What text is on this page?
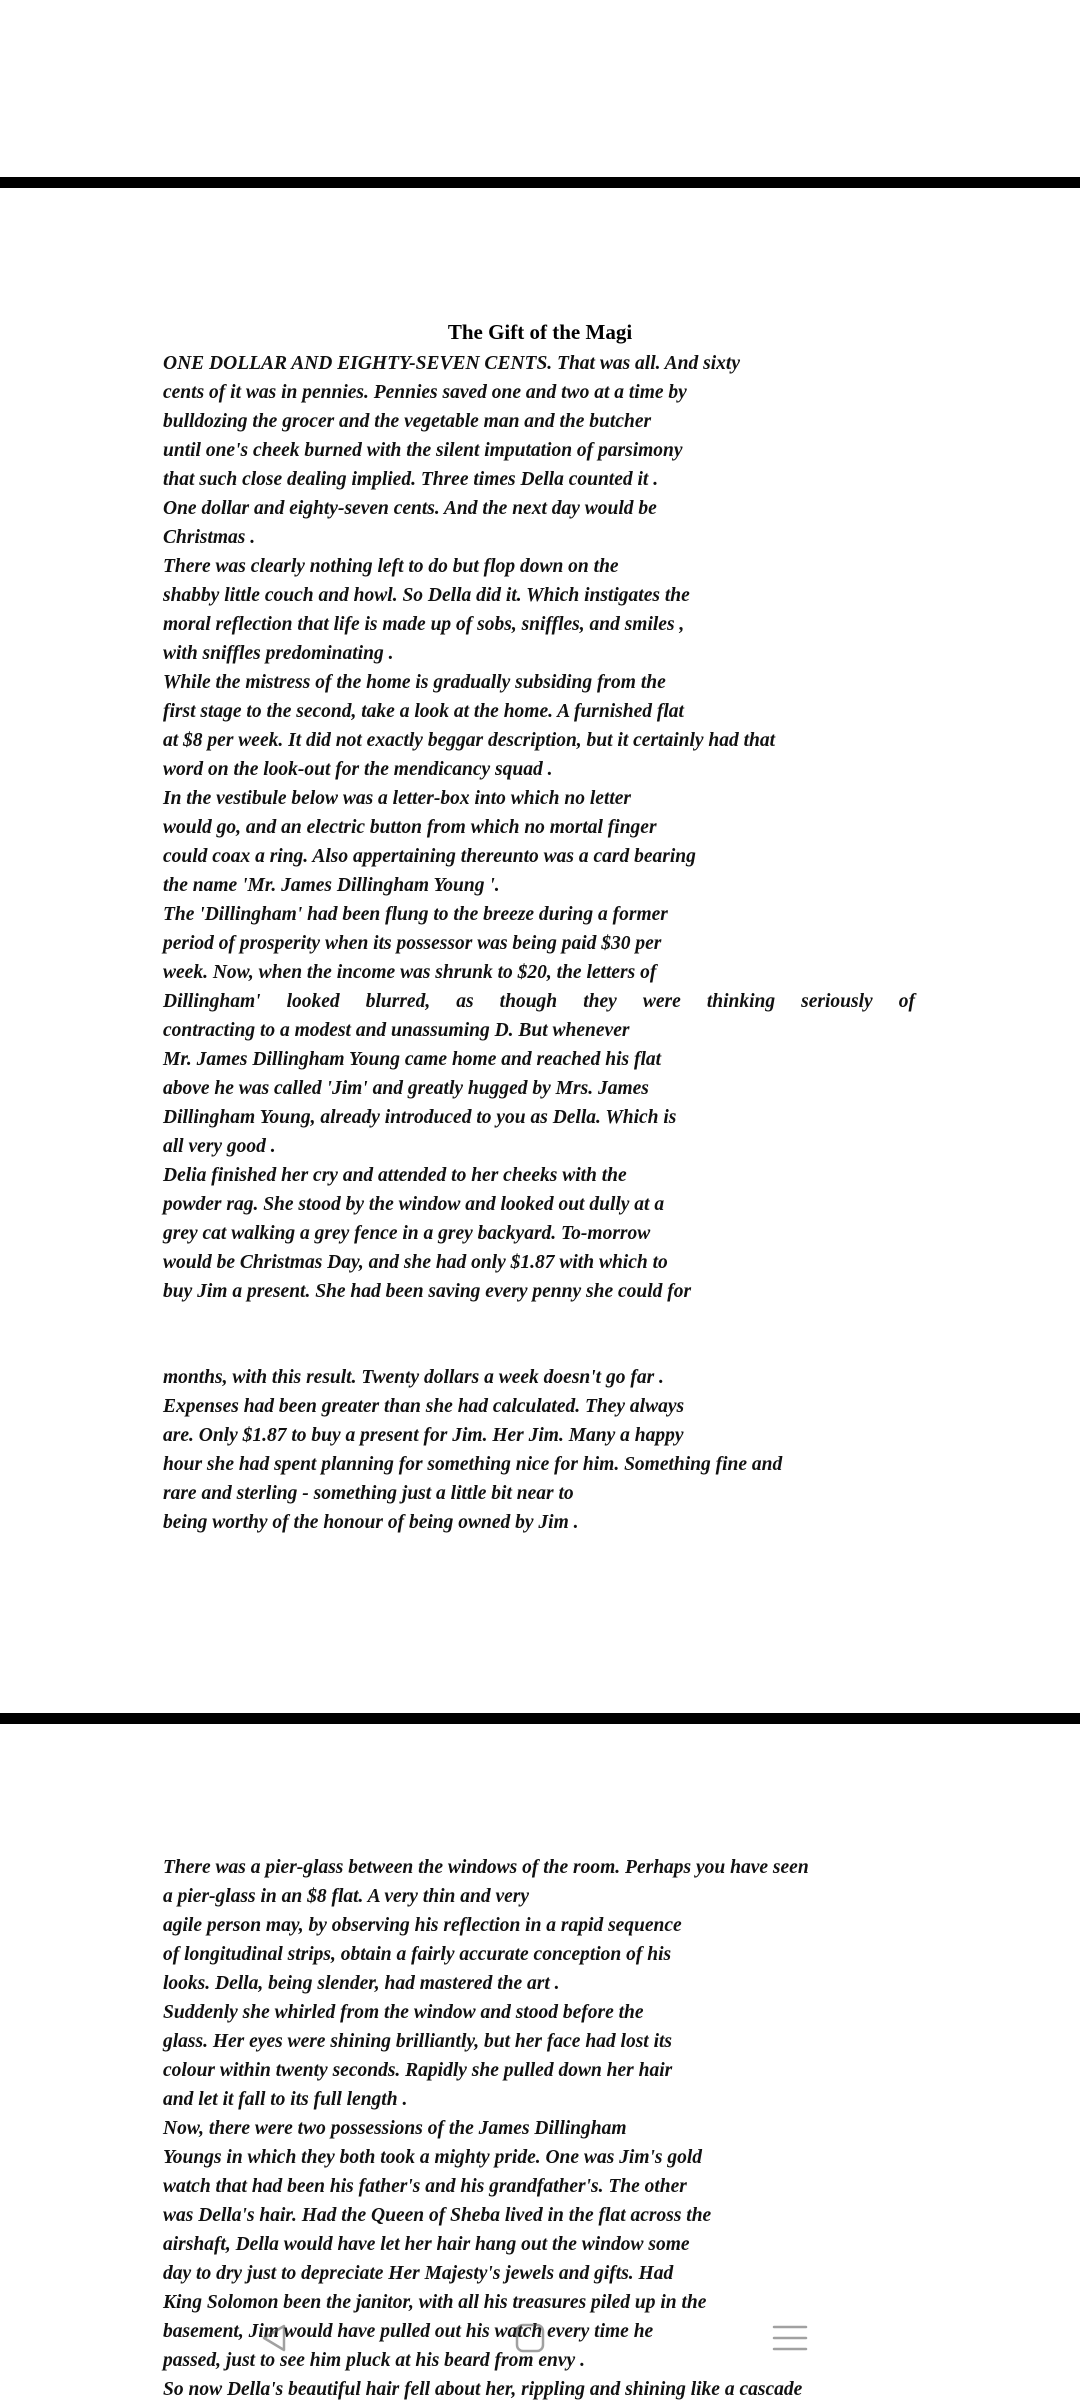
The Gift of the Magi
ONE DOLLAR AND EIGHTY-SEVEN CENTS. That was all. And sixty
cents of it was in pennies. Pennies saved one and two at a time by
bulldozing the grocer and the vegetable man and the butcher
until one's cheek burned with the silent imputation of parsimony
that such close dealing implied. Three times Della counted it .
One dollar and eighty-seven cents. And the next day would be
Christmas .
There was clearly nothing left to do but flop down on the
shabby little couch and howl. So Della did it. Which instigates the
moral reflection that life is made up of sobs, sniffles, and smiles ,
with sniffles predominating .
While the mistress of the home is gradually subsiding from the
first stage to the second, take a look at the home. A furnished flat
at $8 per week. It did not exactly beggar description, but it certainly had that
word on the look-out for the mendicancy squad .
In the vestibule below was a letter-box into which no letter
would go, and an electric button from which no mortal finger
could coax a ring. Also appertaining thereunto was a card bearing
the name 'Mr. James Dillingham Young '.
The 'Dillingham' had been flung to the breeze during a former
period of prosperity when its possessor was being paid $30 per
week. Now, when the income was shrunk to $20, the letters of
Dillingham' looked blurred, as though they were thinking seriously of
contracting to a modest and unassuming D. But whenever
Mr. James Dillingham Young came home and reached his flat
above he was called 'Jim' and greatly hugged by Mrs. James
Dillingham Young, already introduced to you as Della. Which is
all very good .
Delia finished her cry and attended to her cheeks with the
powder rag. She stood by the window and looked out dully at a
grey cat walking a grey fence in a grey backyard. To-morrow
would be Christmas Day, and she had only $1.87 with which to
buy Jim a present. She had been saving every penny she could for
months, with this result. Twenty dollars a week doesn't go far .
Expenses had been greater than she had calculated. They always
are. Only $1.87 to buy a present for Jim. Her Jim. Many a happy
hour she had spent planning for something nice for him. Something fine and
rare and sterling - something just a little bit near to
being worthy of the honour of being owned by Jim .
There was a pier-glass between the windows of the room. Perhaps you have seen
a pier-glass in an $8 flat. A very thin and very
agile person may, by observing his reflection in a rapid sequence
of longitudinal strips, obtain a fairly accurate conception of his
looks. Della, being slender, had mastered the art .
Suddenly she whirled from the window and stood before the
glass. Her eyes were shining brilliantly, but her face had lost its
colour within twenty seconds. Rapidly she pulled down her hair
and let it fall to its full length .
Now, there were two possessions of the James Dillingham
Youngs in which they both took a mighty pride. One was Jim's gold
watch that had been his father's and his grandfather's. The other
was Della's hair. Had the Queen of Sheba lived in the flat across the
airshaft, Della would have let her hair hang out the window some
day to dry just to depreciate Her Majesty's jewels and gifts. Had
King Solomon been the janitor, with all his treasures piled up in the
basement, Jim would have pulled out his watch every time he
passed, just to see him pluck at his beard from envy .
So now Della's beautiful hair fell about her, rippling and shining like a cascade
